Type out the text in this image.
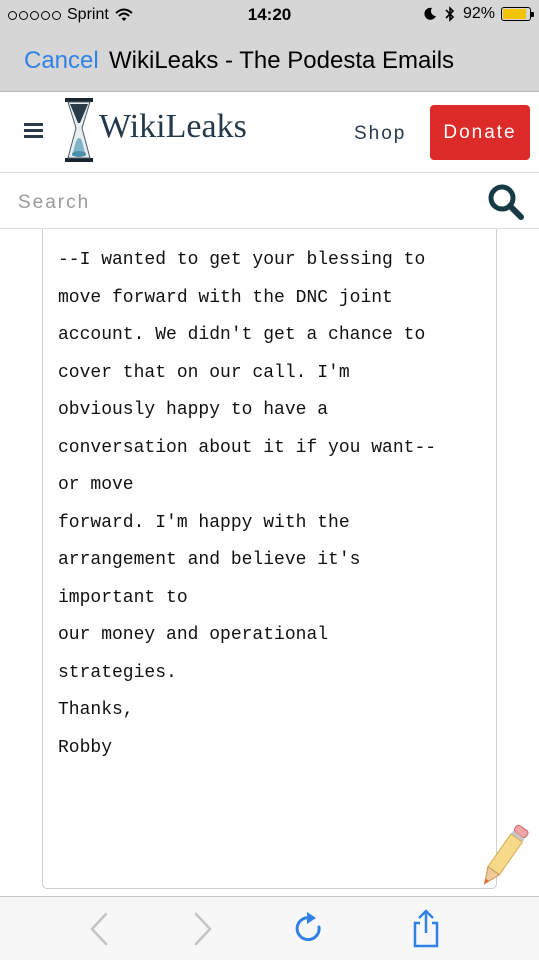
Sprint	14:20	92%
Cancel WikiLeaks - The Podesta Emails
WikiLeaks	Shop	Donate
Search
--I wanted to get your blessing to
move forward with the DNC joint
account. We didn't get a chance to
cover that on our call. I'm
obviously happy to have a
conversation about it if you want--
or move
forward. I'm happy with the
arrangement and believe it's
important to
our money and operational
strategies.
Thanks,
Robby
